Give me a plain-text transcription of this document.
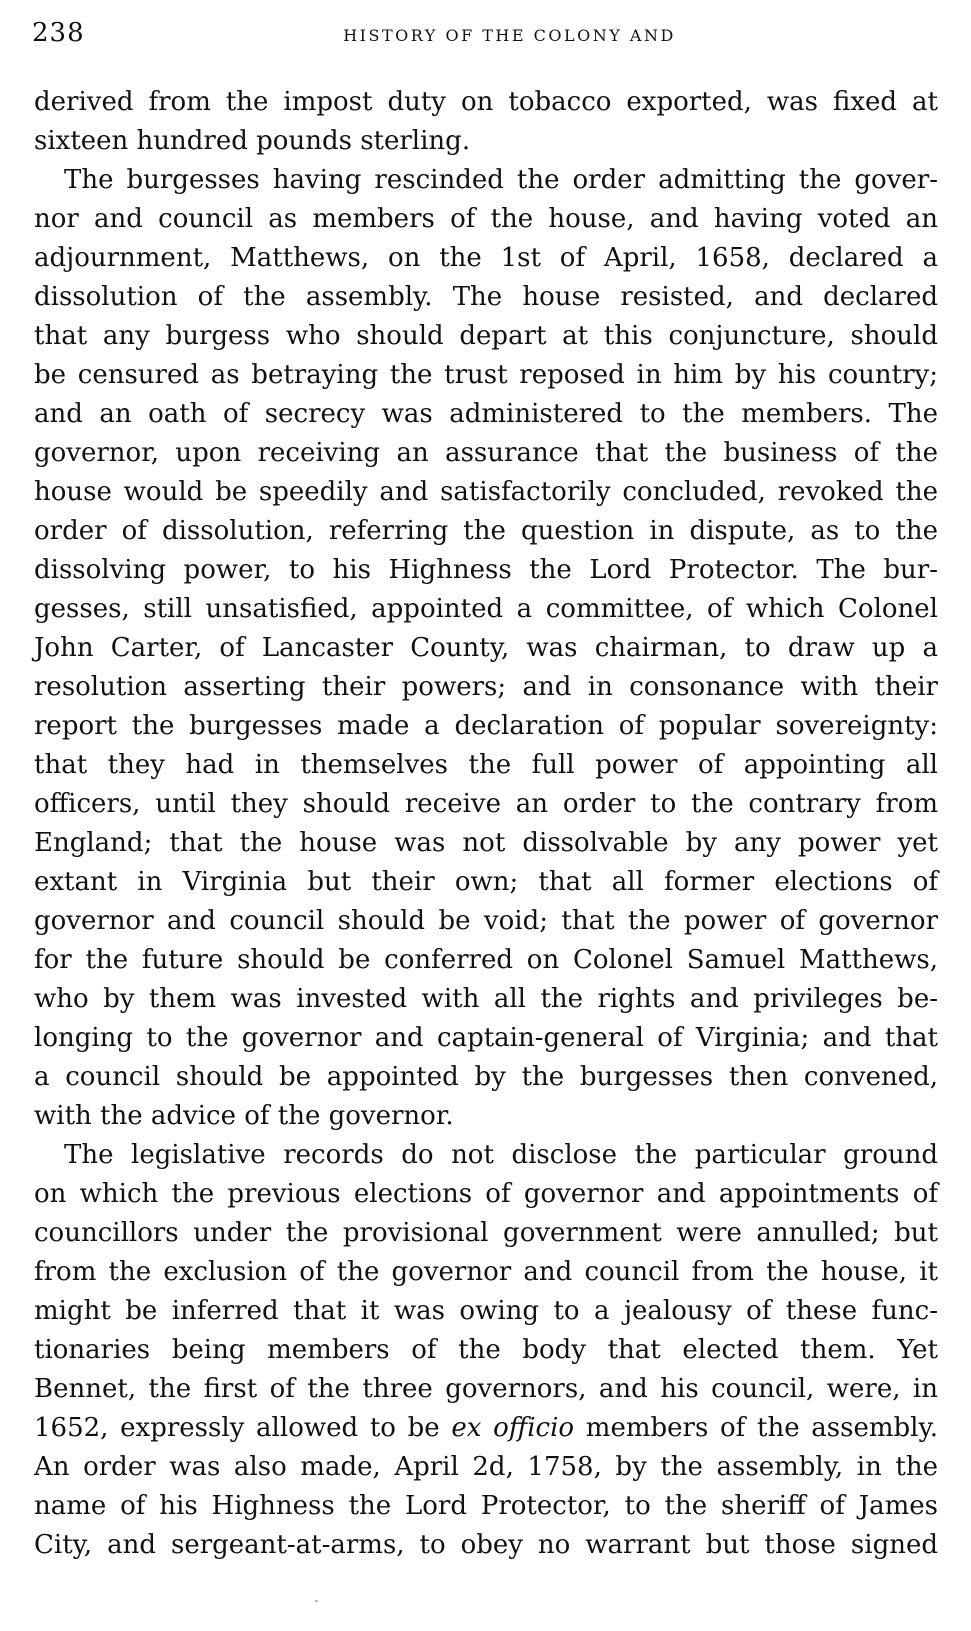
238	HISTORY OF THE COLONY AND
derived from the impost duty on tobacco exported, was fixed at
sixteen hundred pounds sterling.
The burgesses having rescinded the order admitting the gover-
nor and council as members of the house, and having voted an
adjournment, Matthews, on the 1st of April, 1658, declared a
dissolution of the assembly. The house resisted, and declared
that any burgess who should depart at this conjuncture, should
be censured as betraying the trust reposed in him by his country;
and an oath of secrecy was administered to the members. The
governor, upon receiving an assurance that the business of the
house would be speedily and satisfactorily concluded, revoked the
order of dissolution, referring the question in dispute, as to the
dissolving power, to his Highness the Lord Protector. The bur-
gesses, still unsatisfied, appointed a committee, of which Colonel
John Carter, of Lancaster County, was chairman, to draw up a
resolution asserting their powers; and in consonance with their
report the burgesses made a declaration of popular sovereignty:
that they had in themselves the full power of appointing all
officers, until they should receive an order to the contrary from
England; that the house was not dissolvable by any power yet
extant in Virginia but their own; that all former elections of
governor and council should be void; that the power of governor
for the future should be conferred on Colonel Samuel Matthews,
who by them was invested with all the rights and privileges be-
longing to the governor and captain-general of Virginia; and that
a council should be appointed by the burgesses then convened,
with the advice of the governor.
The legislative records do not disclose the particular ground
on which the previous elections of governor and appointments of
councillors under the provisional government were annulled; but
from the exclusion of the governor and council from the house, it
might be inferred that it was owing to a jealousy of these func-
tionaries being members of the body that elected them. Yet
Bennet, the first of the three governors, and his council, were, in
1652, expressly allowed to be ex officio members of the assembly.
An order was also made, April 2d, 1758, by the assembly, in the
name of his Highness the Lord Protector, to the sheriff of James
City, and sergeant-at-arms, to obey no warrant but those signed
